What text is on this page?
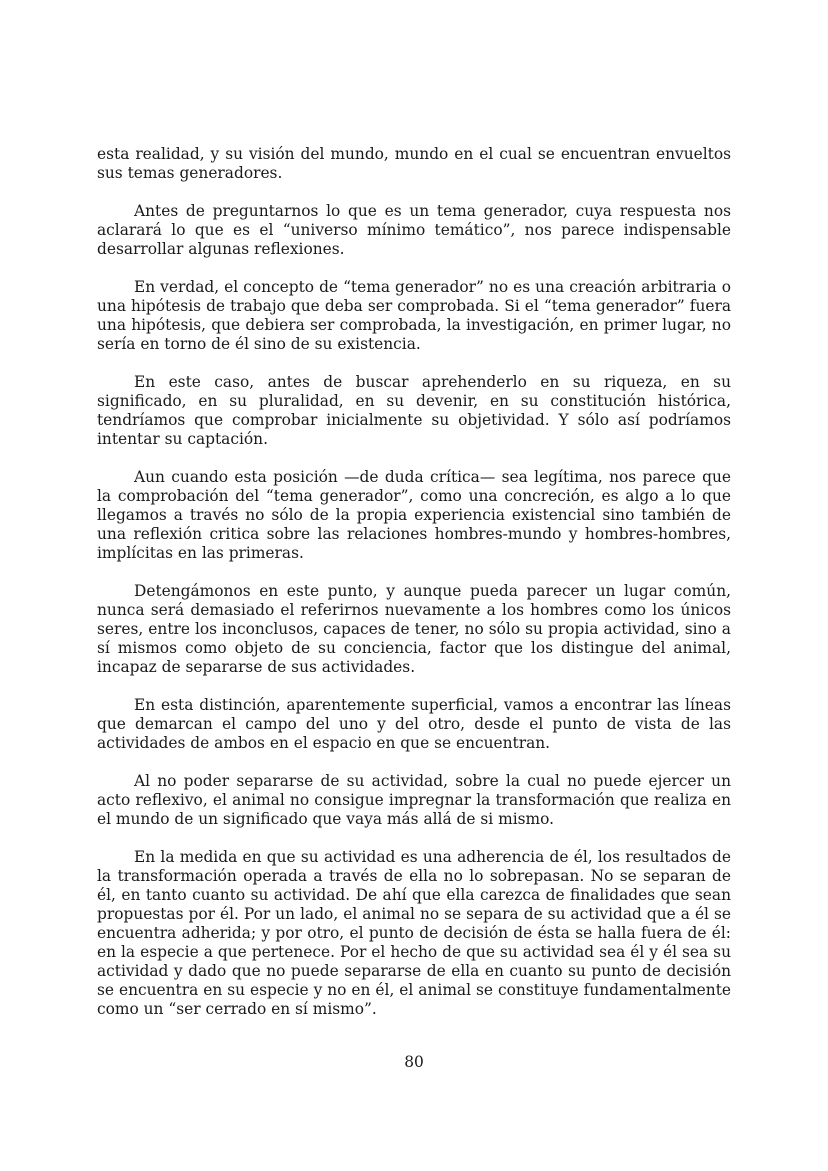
esta realidad, y su visión del mundo, mundo en el cual se encuentran envueltos sus temas generadores.

Antes de preguntarnos lo que es un tema generador, cuya respuesta nos aclarará lo que es el “universo mínimo temático”, nos parece indispensable desarrollar algunas reflexiones.

En verdad, el concepto de “tema generador” no es una creación arbitraria o una hipótesis de trabajo que deba ser comprobada. Si el “tema generador” fuera una hipótesis, que debiera ser comprobada, la investigación, en primer lugar, no sería en torno de él sino de su existencia.

En este caso, antes de buscar aprehenderlo en su riqueza, en su significado, en su pluralidad, en su devenir, en su constitución histórica, tendríamos que comprobar inicialmente su objetividad. Y sólo así podríamos intentar su captación.

Aun cuando esta posición —de duda crítica— sea legítima, nos parece que la comprobación del “tema generador”, como una concreción, es algo a lo que llegamos a través no sólo de la propia experiencia existencial sino también de una reflexión critica sobre las relaciones hombres-mundo y hombres-hombres, implícitas en las primeras.

Detengámonos en este punto, y aunque pueda parecer un lugar común, nunca será demasiado el referirnos nuevamente a los hombres como los únicos seres, entre los inconclusos, capaces de tener, no sólo su propia actividad, sino a sí mismos como objeto de su conciencia, factor que los distingue del animal, incapaz de separarse de sus actividades.

En esta distinción, aparentemente superficial, vamos a encontrar las líneas que demarcan el campo del uno y del otro, desde el punto de vista de las actividades de ambos en el espacio en que se encuentran.

Al no poder separarse de su actividad, sobre la cual no puede ejercer un acto reflexivo, el animal no consigue impregnar la transformación que realiza en el mundo de un significado que vaya más allá de si mismo.

En la medida en que su actividad es una adherencia de él, los resultados de la transformación operada a través de ella no lo sobrepasan. No se separan de él, en tanto cuanto su actividad. De ahí que ella carezca de finalidades que sean propuestas por él. Por un lado, el animal no se separa de su actividad que a él se encuentra adherida; y por otro, el punto de decisión de ésta se halla fuera de él: en la especie a que pertenece. Por el hecho de que su actividad sea él y él sea su actividad y dado que no puede separarse de ella en cuanto su punto de decisión se encuentra en su especie y no en él, el animal se constituye fundamentalmente como un “ser cerrado en sí mismo”.

80
